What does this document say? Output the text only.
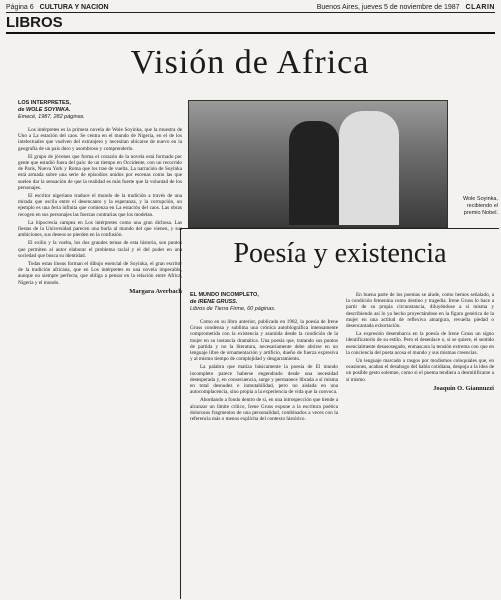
Página 6 CULTURA Y NACION	Buenos Aires, jueves 5 de noviembre de 1987 CLARIN
LIBROS
Visión de Africa
LOS INTERPRETES,
de WOLE SOYINKA.
Emecé, 1987, 282 páginas.

Los intérpretes es la primera novela de Wole Soyinka, que la muestra de Uno a La estación del caos. Se centra en el mundo de Nigeria, en el de los intelectuales que vuelven del extranjero y necesitan ubicarse de nuevo en la geografía de un país duro y asombroso y comprenderlo.

El grupo de jóvenes que forma el corazón de la novela está formado por gente que estudió fuera del país: de un tiempo en Occidente, con un recorrido de París, Nueva York y Roma que los trae de vuelta. La narración de Soyinka está armada sobre una serie de episodios unidos por escenas como las que suelen dar la sensación de que la realidad es más fuerte que la voluntad de los personajes.

El escritor nigeriano traduce el mundo de la tradición a través de una mirada que oscila entre el desencanto y la esperanza, y la corrupción, un ejemplo es una feria infinita que comienza en La estación del caos. Las obras recogen en sus personajes las fuerzas contrarias que los modelan.

La hipocresía campea en Los intérpretes como una gran dichosa. Las fiestas de la Universidad parecen una burla al mundo del que vienen, y sus ambiciones, sus deseos se pierden en la confusión.

El exilio y la vuelta, los dos grandes temas de esta historia, son puntos que permiten al autor elaborar el problema racial y el del poder en una sociedad que busca su identidad.

Todas estas líneas forman el dibujo esencial de Soyinka, el gran escritor de la tradición africana, que en Los intérpretes es una novela impecable, aunque no siempre perfecta, que obliga a pensar en la relación entre Africa, Nigeria y el mundo.

Margara Averbach
Wole Soyinka, recibiendo el premio Nobel.
Poesía y existencia
EL MUNDO INCOMPLETO,
de IRENE GRUSS.
Libros de Tierra Firme, 60 páginas.

Como en su libro anterior, publicado en 1982, la poesía de Irene Gruss condensa y sublima una crónica autobiográfica intensamente comprometida con la existencia y asumida desde la condición de la mujer en su instancia dramática. Una poesía que, tratando sus puntos de partida y no la literatura, necesariamente debe abrirse en un lenguaje libre de ornamentación y artificio, dueño de fuerza expresiva y al mismo tiempo de complejidad y desgarramiento.

La palabra que matiza básicamente la poesía de El mundo incompleto parece haberse engendrado desde una necesidad desesperada y, en consecuencia, surge y permanece librada a sí misma en total desnudez e inmutabilidad, pero no aislada en una autocomplacencia, sino propia a la experiencia de vida que la convoca.

Abordando a fondo dentro de sí, en una introspección que tiende a alcanzar un límite crítico, Irene Gruss expone a la escritura poética dolorosos fragmentos de una personalidad, combinados a veces con la referencia más o menos explícita del contexto histórico.

En buena parte de los poemas se alude, como hemos señalado, a la condición femenina como destino y tragedia. Irene Gruss lo hace a partir de su propia circunstancia, diluyéndose a sí misma y describiendo así lo ya hecho proyectándose en la figura genérica de la mujer en una actitud de reflexiva amargura, revuelta piedad o desencantada exhortación.

La expresión desembarca en la poesía de Irene Gruss un signo identificatorio de su estilo. Pero el desenlace o, si se quiere, el sentido esencialmente desasosegado, enmascara la tensión extrema con que en la conciencia del poeta acosa el mundo y sus mismas creencias.

Un lenguaje marcado a rasgos por modismos coloquiales que, en ocasiones, acaban el desahogo del habla cotidiana, despoja a la idea de un posible gesto solemne, como si el poema tendiera a desmitificarse a sí mismo.

Joaquín O. Giannuzzi
